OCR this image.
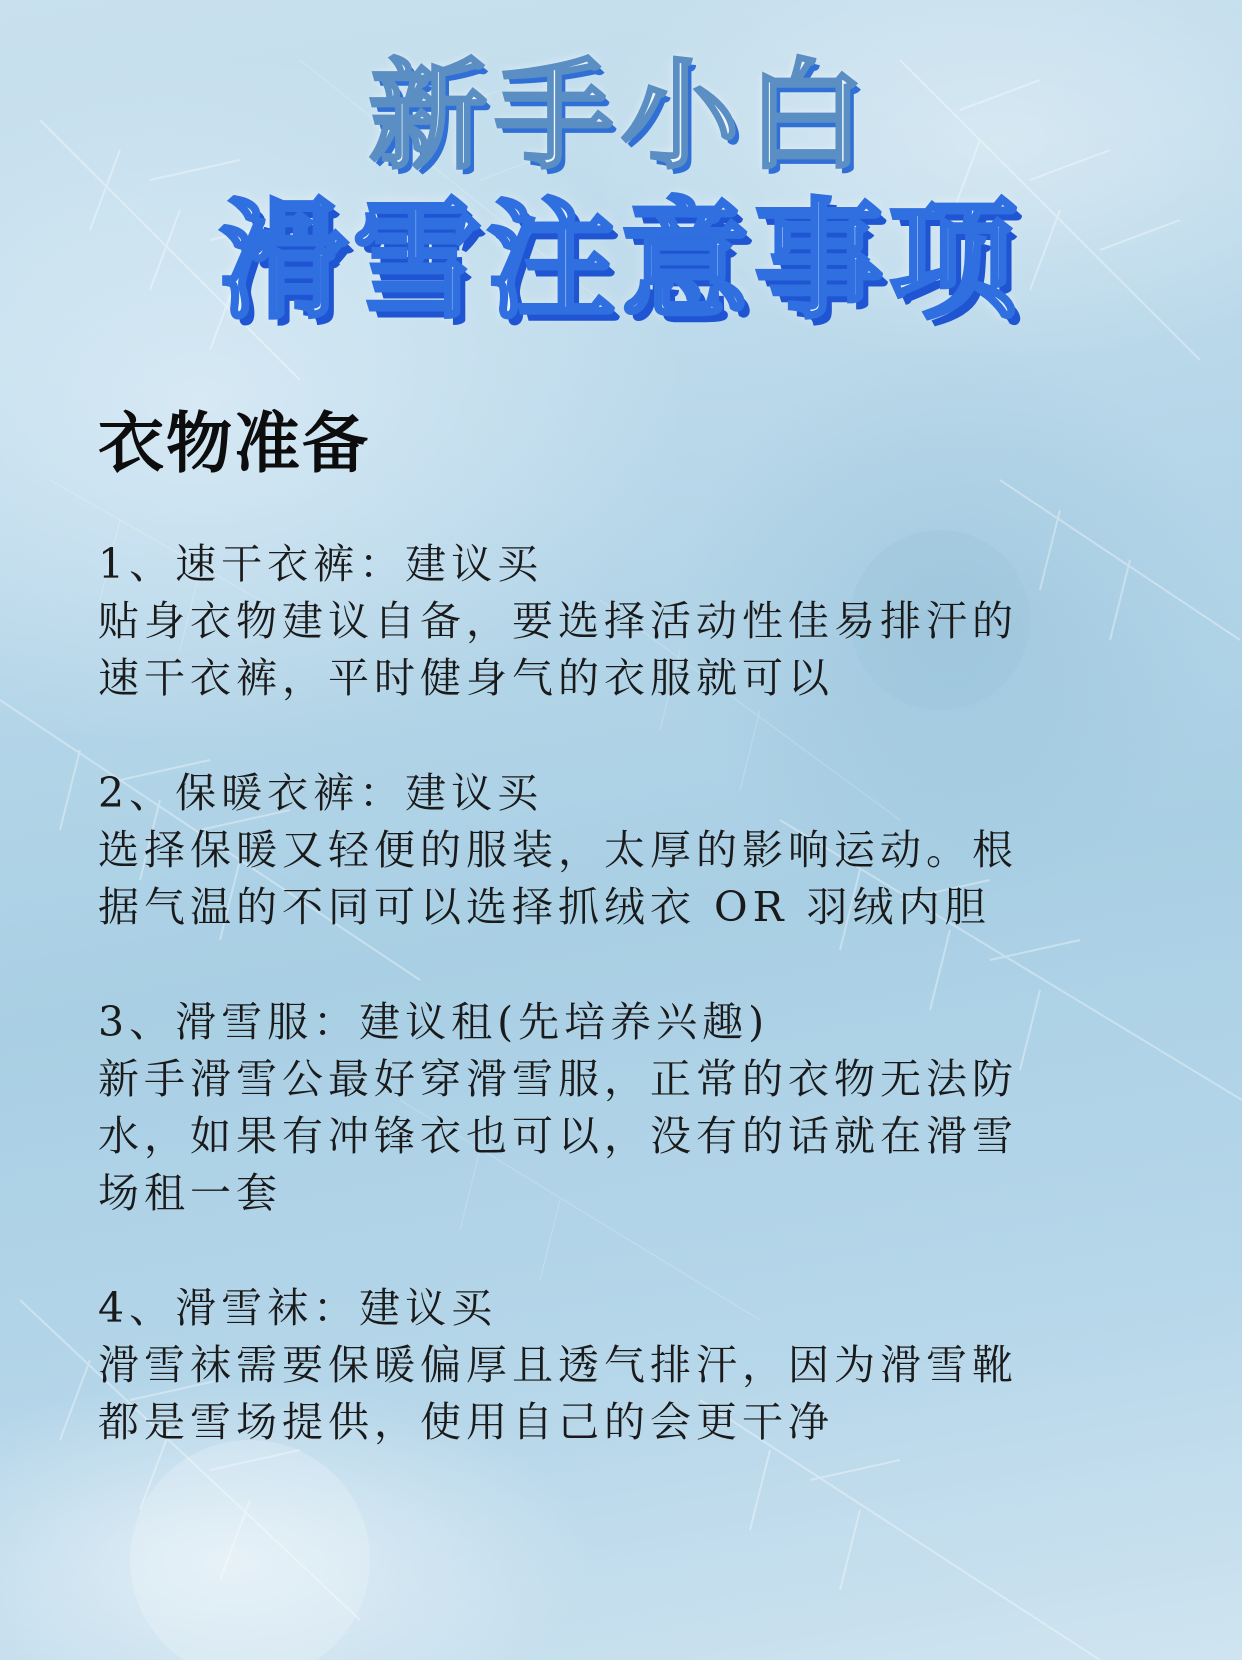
新手小白
滑雪注意事项
衣物准备
1、速干衣裤：建议买
贴身衣物建议自备，要选择活动性佳易排汗的
速干衣裤，平时健身气的衣服就可以
2、保暖衣裤：建议买
选择保暖又轻便的服装，太厚的影响运动。根
据气温的不同可以选择抓绒衣 OR 羽绒内胆
3、滑雪服：建议租(先培养兴趣)
新手滑雪公最好穿滑雪服，正常的衣物无法防
水，如果有冲锋衣也可以，没有的话就在滑雪
场租一套
4、滑雪袜：建议买
滑雪袜需要保暖偏厚且透气排汗，因为滑雪靴
都是雪场提供，使用自己的会更干净
